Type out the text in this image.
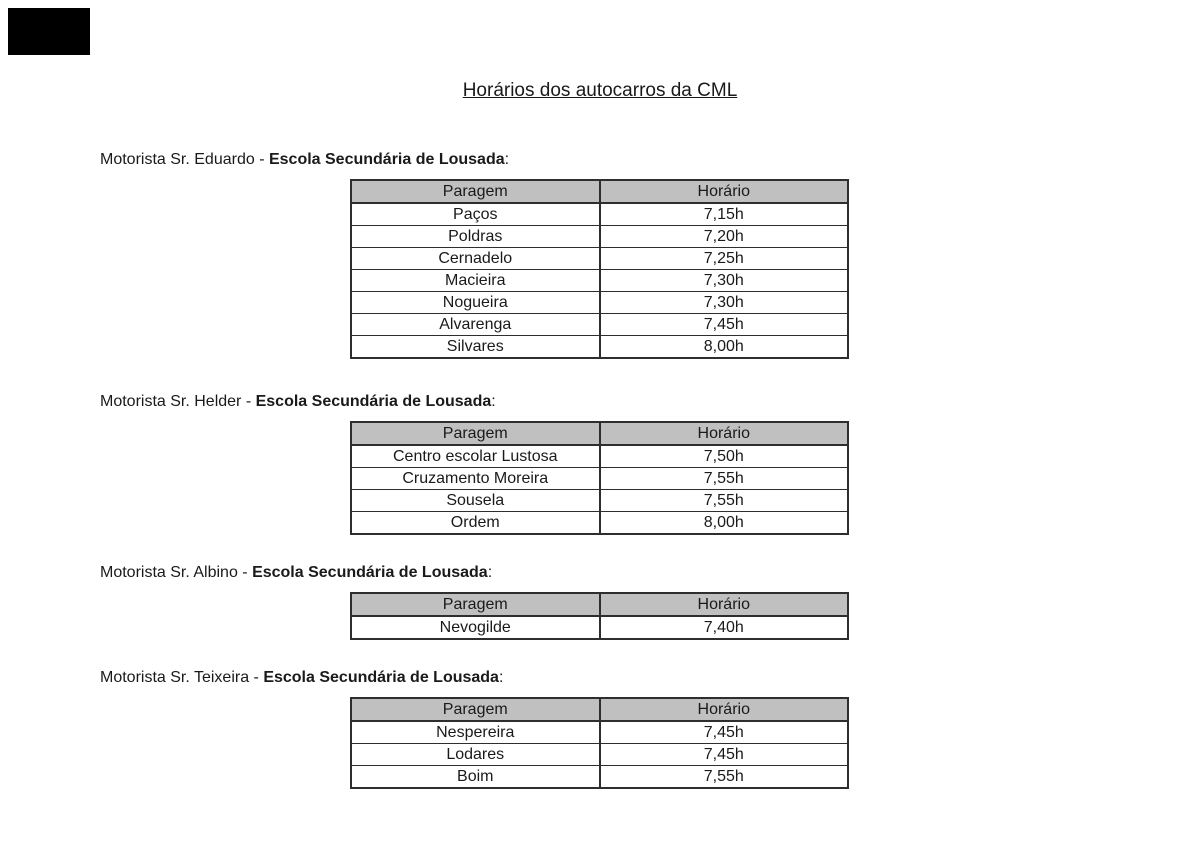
Horários dos autocarros da CML

Motorista Sr. Eduardo - Escola Secundária de Lousada:

Paragem	Horário
Paços	7,15h
Poldras	7,20h
Cernadelo	7,25h
Macieira	7,30h
Nogueira	7,30h
Alvarenga	7,45h
Silvares	8,00h

Motorista Sr. Helder - Escola Secundária de Lousada:

Paragem	Horário
Centro escolar Lustosa	7,50h
Cruzamento Moreira	7,55h
Sousela	7,55h
Ordem	8,00h

Motorista Sr. Albino - Escola Secundária de Lousada:

Paragem	Horário
Nevogilde	7,40h

Motorista Sr. Teixeira - Escola Secundária de Lousada:

Paragem	Horário
Nespereira	7,45h
Lodares	7,45h
Boim	7,55h
